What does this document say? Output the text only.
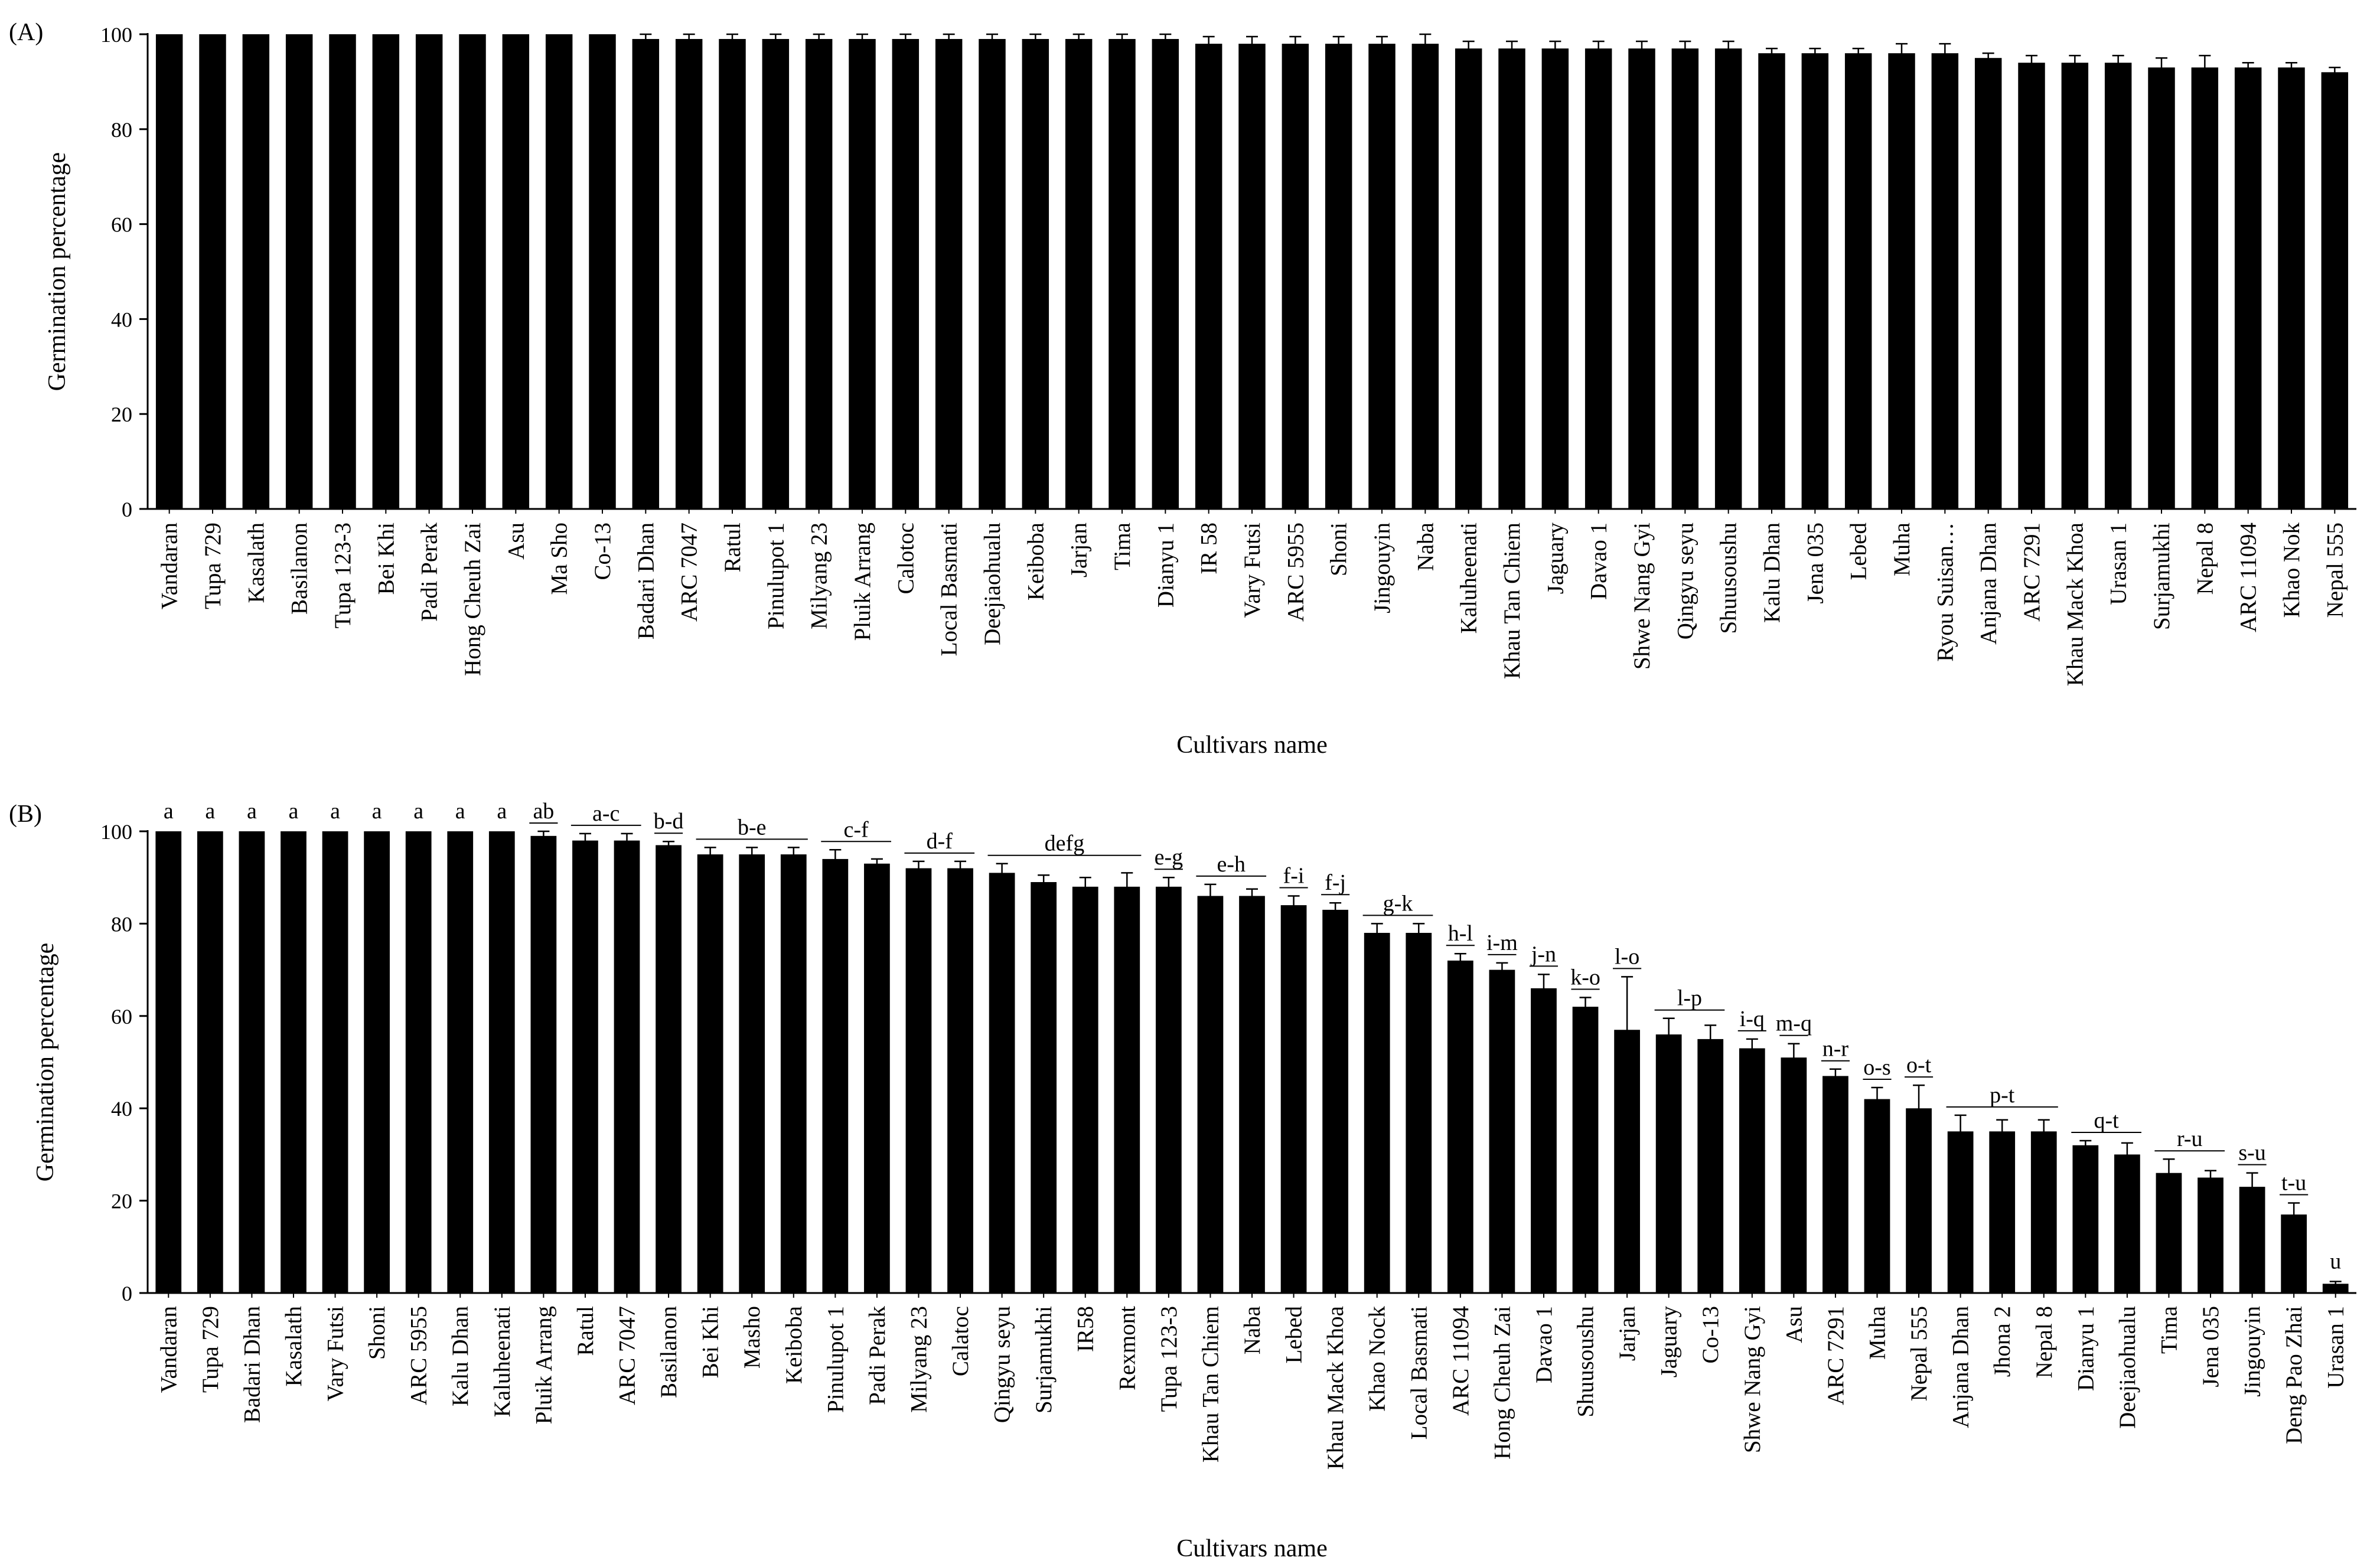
(A)
0
20
40
60
80
100
Germination percentage
Cultivars name
Vandaran Tupa 729 Kasalath Basilanon Tupa 123-3 Bei Khi Padi Perak Hong Cheuh Zai Asu Ma Sho Co-13 Badari Dhan ARC 7047 Ratul Pinulupot 1 Milyang 23 Pluik Arrang Calotoc Local Basmati Deejiaohualu Keiboba Jarjan Tima Dianyu 1 IR 58 Vary Futsi ARC 5955 Shoni Jingouyin Naba Kaluheenati Khau Tan Chiem Jaguary Davao 1 Shwe Nang Gyi Qingyu seyu Shuusoushu Kalu Dhan Jena 035 Lebed Muha Ryou Suisan… Anjana Dhan ARC 7291 Khau Mack Khoa Urasan 1 Surjamukhi Nepal 8 ARC 11094 Khao Nok Nepal 555
(B)
0
20
40
60
80
100
Germination percentage
Cultivars name
Vandaran Tupa 729 Badari Dhan Kasalath Vary Futsi Shoni ARC 5955 Kalu Dhan Kaluheenati Pluik Arrang Ratul ARC 7047 Basilanon Bei Khi Masho Keiboba Pinulupot 1 Padi Perak Milyang 23 Calatoc Qingyu seyu Surjamukhi IR58 Rexmont Tupa 123-3 Khau Tan Chiem Naba Lebed Khau Mack Khoa Khao Nock Local Basmati ARC 11094 Hong Cheuh Zai Davao 1 Shuusoushu Jarjan Jaguary Co-13 Shwe Nang Gyi Asu ARC 7291 Muha Nepal 555 Anjana Dhan Jhona 2 Nepal 8 Dianyu 1 Deejiaohualu Tima Jena 035 Jingouyin Deng Pao Zhai Urasan 1
a a a a a a a a a ab a-c b-d b-e	c-f	d-f	defg
e-g e-h f-i f-j
g-k
h-l i-m j-n
k-o
l-o
l-p
i-q m-q
n-r
o-s o-t
p-t
q-t
r-u
s-u
t-u
u
